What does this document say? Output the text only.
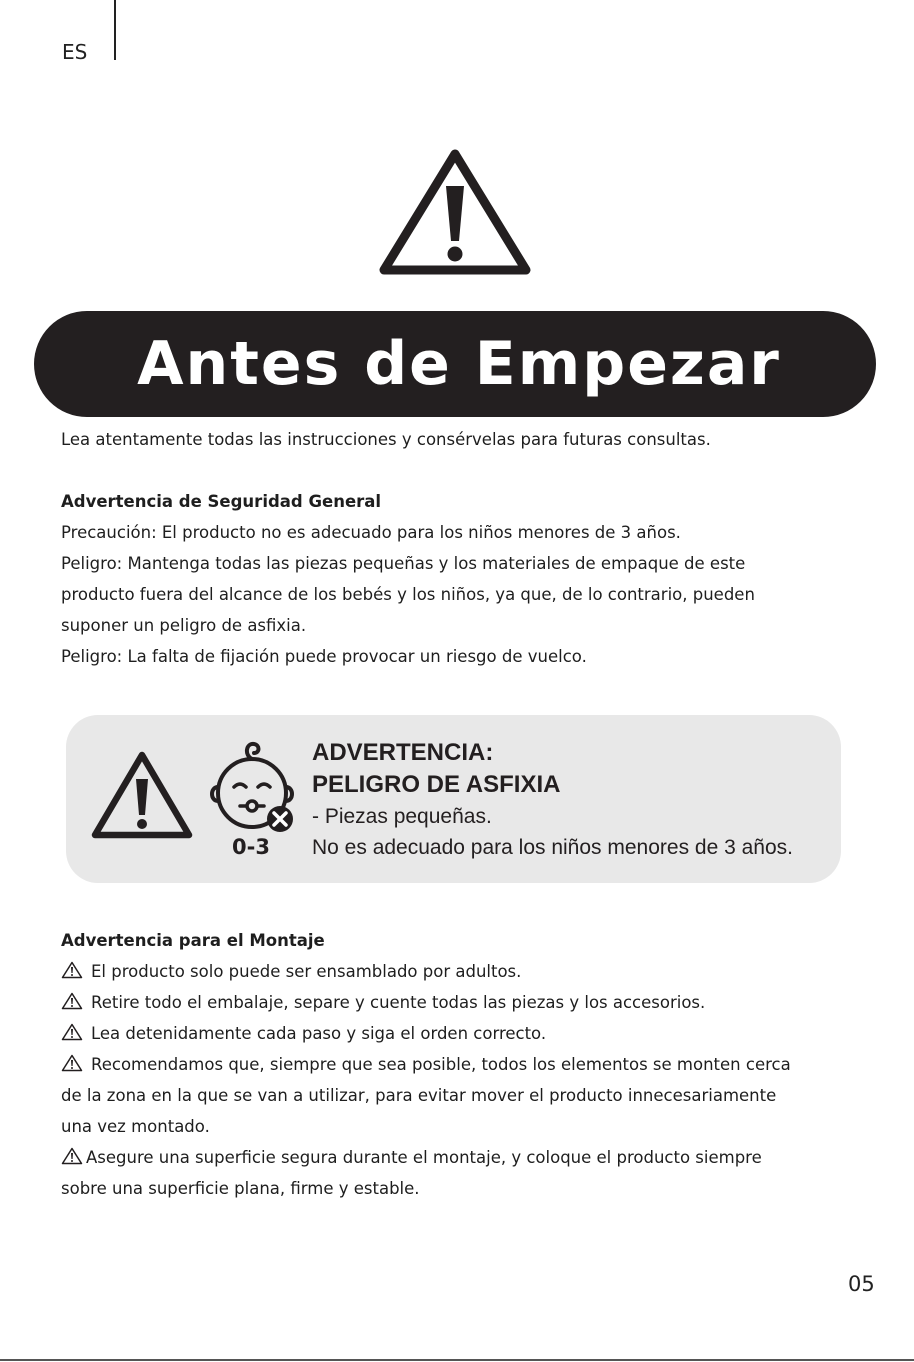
ES
Antes de Empezar
Lea atentamente todas las instrucciones y consérvelas para futuras consultas.
Advertencia de Seguridad General
Precaución: El producto no es adecuado para los niños menores de 3 años.
Peligro: Mantenga todas las piezas pequeñas y los materiales de empaque de este
producto fuera del alcance de los bebés y los niños, ya que, de lo contrario, pueden
suponer un peligro de asfixia.
Peligro: La falta de fijación puede provocar un riesgo de vuelco.
0-3
ADVERTENCIA:
PELIGRO DE ASFIXIA
- Piezas pequeñas.
No es adecuado para los niños menores de 3 años.
Advertencia para el Montaje
El producto solo puede ser ensamblado por adultos.
Retire todo el embalaje, separe y cuente todas las piezas y los accesorios.
Lea detenidamente cada paso y siga el orden correcto.
Recomendamos que, siempre que sea posible, todos los elementos se monten cerca
de la zona en la que se van a utilizar, para evitar mover el producto innecesariamente
una vez montado.
Asegure una superficie segura durante el montaje, y coloque el producto siempre
sobre una superficie plana, firme y estable.
05
